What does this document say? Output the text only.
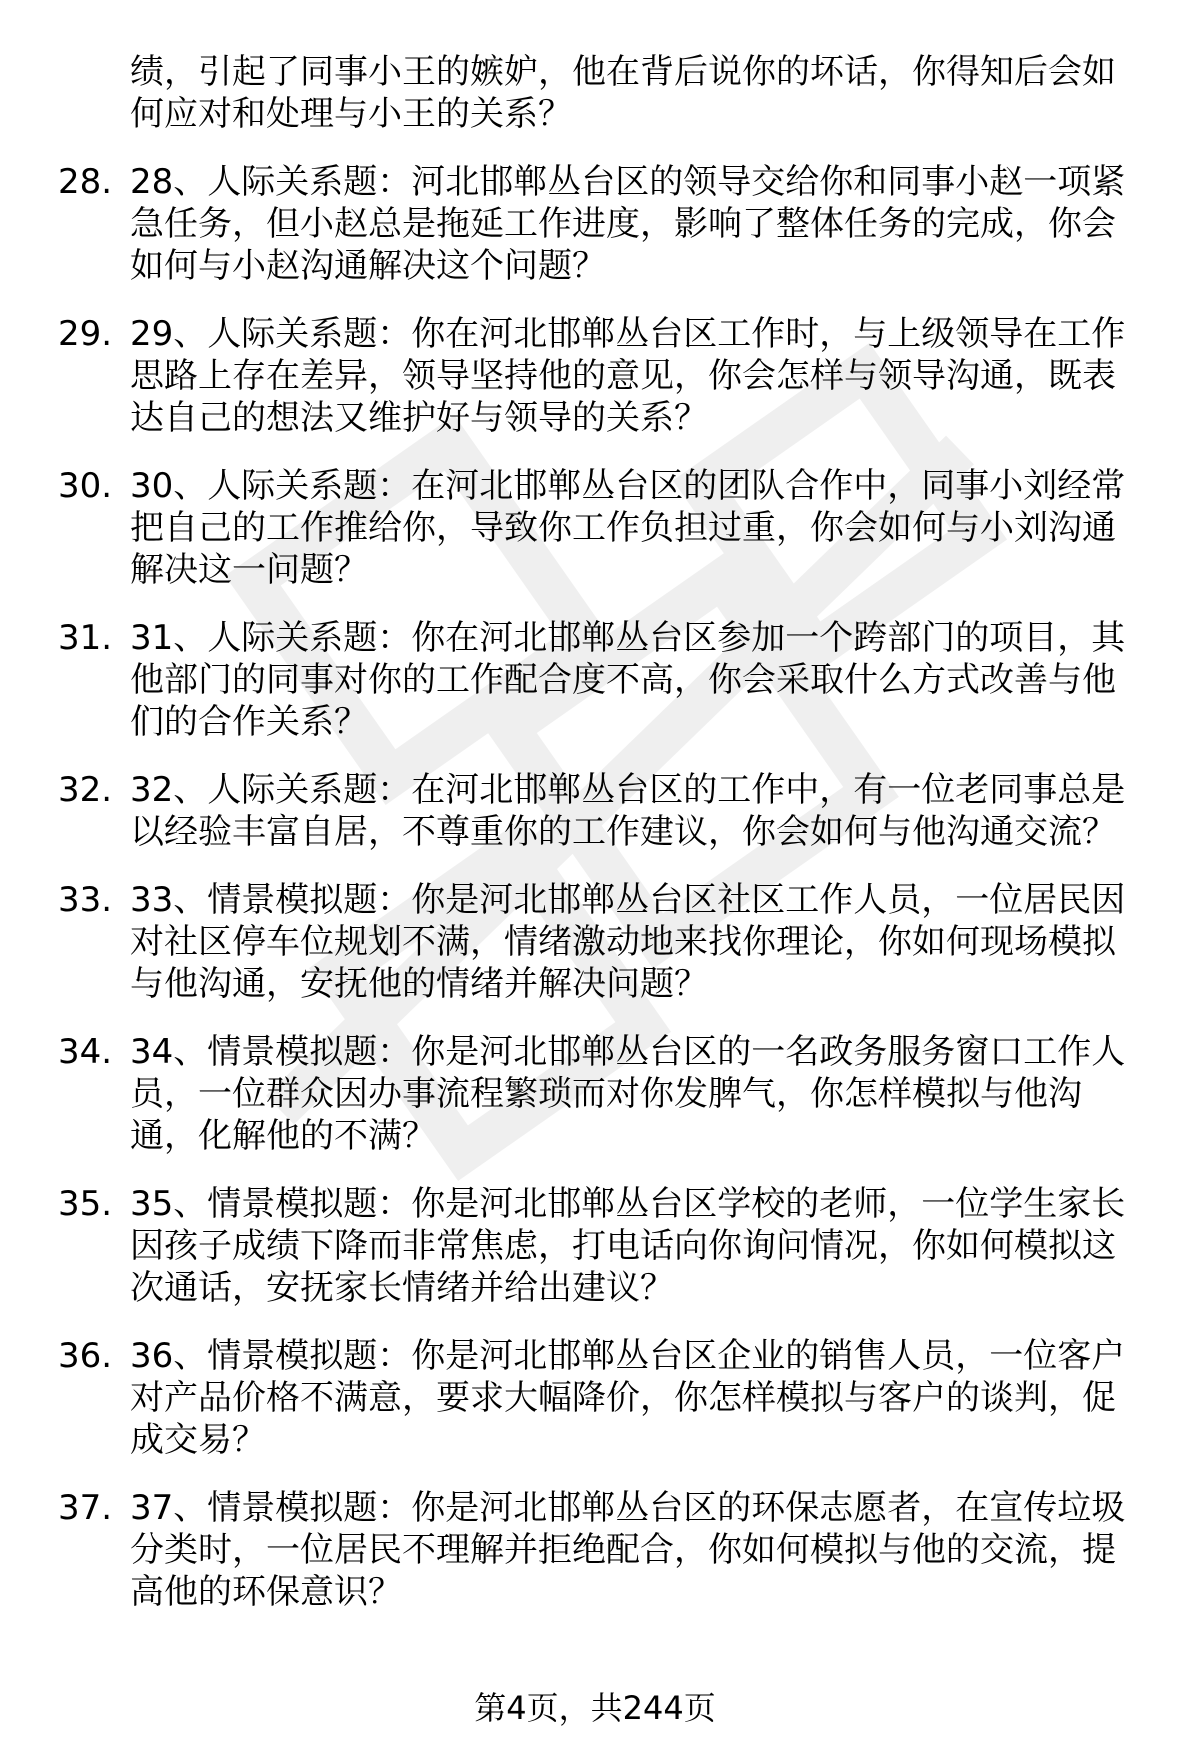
绩，引起了同事小王的嫉妒，他在背后说你的坏话，你得知后会如何应对和处理与小王的关系？
28. 28、人际关系题：河北邯郸丛台区的领导交给你和同事小赵一项紧急任务，但小赵总是拖延工作进度，影响了整体任务的完成，你会如何与小赵沟通解决这个问题？
29. 29、人际关系题：你在河北邯郸丛台区工作时，与上级领导在工作思路上存在差异，领导坚持他的意见，你会怎样与领导沟通，既表达自己的想法又维护好与领导的关系？
30. 30、人际关系题：在河北邯郸丛台区的团队合作中，同事小刘经常把自己的工作推给你，导致你工作负担过重，你会如何与小刘沟通解决这一问题？
31. 31、人际关系题：你在河北邯郸丛台区参加一个跨部门的项目，其他部门的同事对你的工作配合度不高，你会采取什么方式改善与他们的合作关系？
32. 32、人际关系题：在河北邯郸丛台区的工作中，有一位老同事总是以经验丰富自居，不尊重你的工作建议，你会如何与他沟通交流？
33. 33、情景模拟题：你是河北邯郸丛台区社区工作人员，一位居民因对社区停车位规划不满，情绪激动地来找你理论，你如何现场模拟与他沟通，安抚他的情绪并解决问题？
34. 34、情景模拟题：你是河北邯郸丛台区的一名政务服务窗口工作人员，一位群众因办事流程繁琐而对你发脾气，你怎样模拟与他沟通，化解他的不满？
35. 35、情景模拟题：你是河北邯郸丛台区学校的老师，一位学生家长因孩子成绩下降而非常焦虑，打电话向你询问情况，你如何模拟这次通话，安抚家长情绪并给出建议？
36. 36、情景模拟题：你是河北邯郸丛台区企业的销售人员，一位客户对产品价格不满意，要求大幅降价，你怎样模拟与客户的谈判，促成交易？
37. 37、情景模拟题：你是河北邯郸丛台区的环保志愿者，在宣传垃圾分类时，一位居民不理解并拒绝配合，你如何模拟与他的交流，提高他的环保意识？
第4页，共244页
